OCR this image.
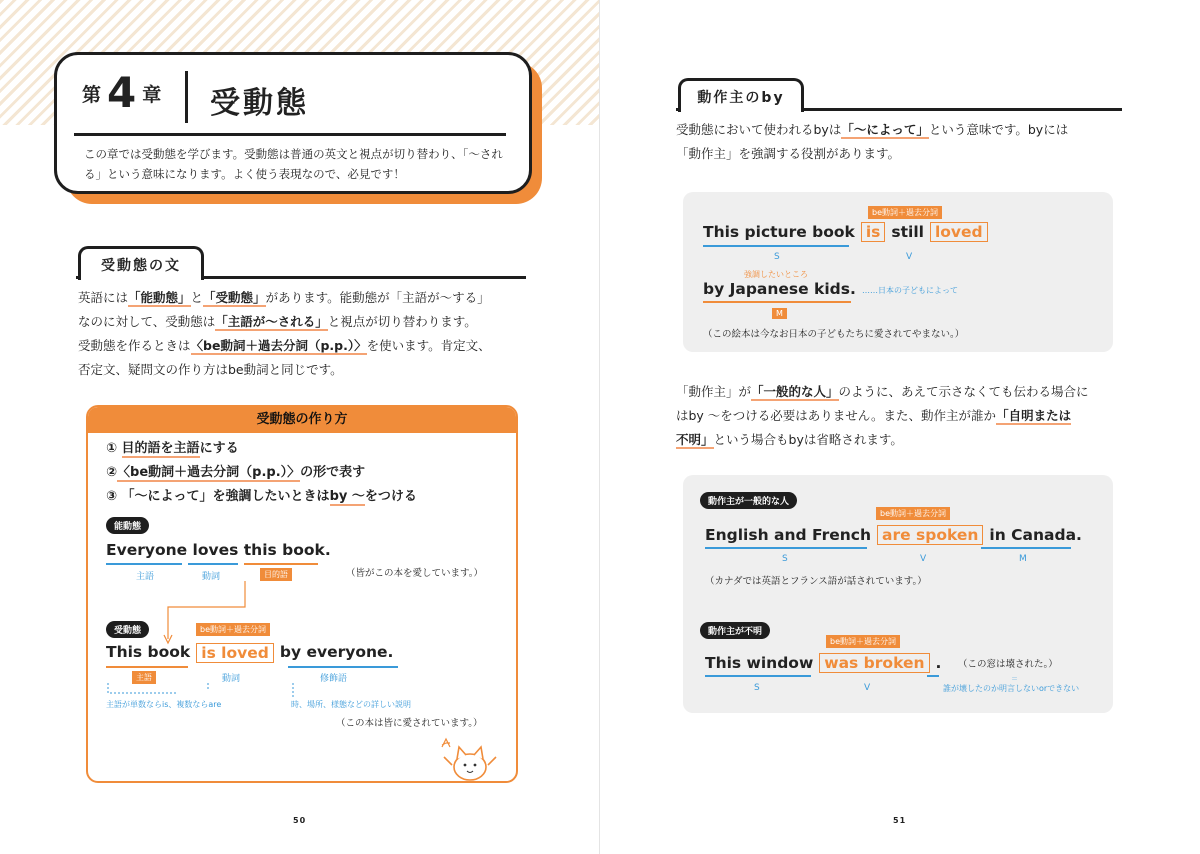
第 4 章 受動態
この章では受動態を学びます。受動態は普通の英文と視点が切り替わり、「～される」という意味になります。よく使う表現なので、必見です！
受動態の文
英語には「能動態」と「受動態」があります。能動態が「主語が～する」
なのに対して、受動態は「主語が～される」と視点が切り替わります。
受動態を作るときは〈be動詞＋過去分詞（p.p.）〉を使います。肯定文、
否定文、疑問文の作り方はbe動詞と同じです。
受動態の作り方
① 目的語を主語にする
②〈be動詞＋過去分詞（p.p.）〉の形で表す
③ 「～によって」を強調したいときはby ～をつける
能動態
Everyone loves this book.
主語	動詞	目的語	（皆がこの本を愛しています。）
受動態	be動詞＋過去分詞
This book is loved by everyone.
主語	動詞	修飾語
主語が単数ならis、複数ならare	時、場所、様態などの詳しい説明
（この本は皆に愛されています。）
50
動作主のby
受動態において使われるbyは「～によって」という意味です。byには
「動作主」を強調する役割があります。
be動詞＋過去分詞
This picture book is still loved
S	V
強調したいところ
by Japanese kids. ……日本の子どもによって
M
（この絵本は今なお日本の子どもたちに愛されてやまない。）
「動作主」が「一般的な人」のように、あえて示さなくても伝わる場合に
はby ～をつける必要はありません。また、動作主が誰か「自明または
不明」という場合もbyは省略されます。
動作主が一般的な人
be動詞＋過去分詞
English and French are spoken in Canada.
S	V	M
（カナダでは英語とフランス語が話されています。）
動作主が不明
be動詞＋過去分詞
This window was broken . （この窓は壊された。）
S	V
＝
誰が壊したのか明言しないorできない
51
